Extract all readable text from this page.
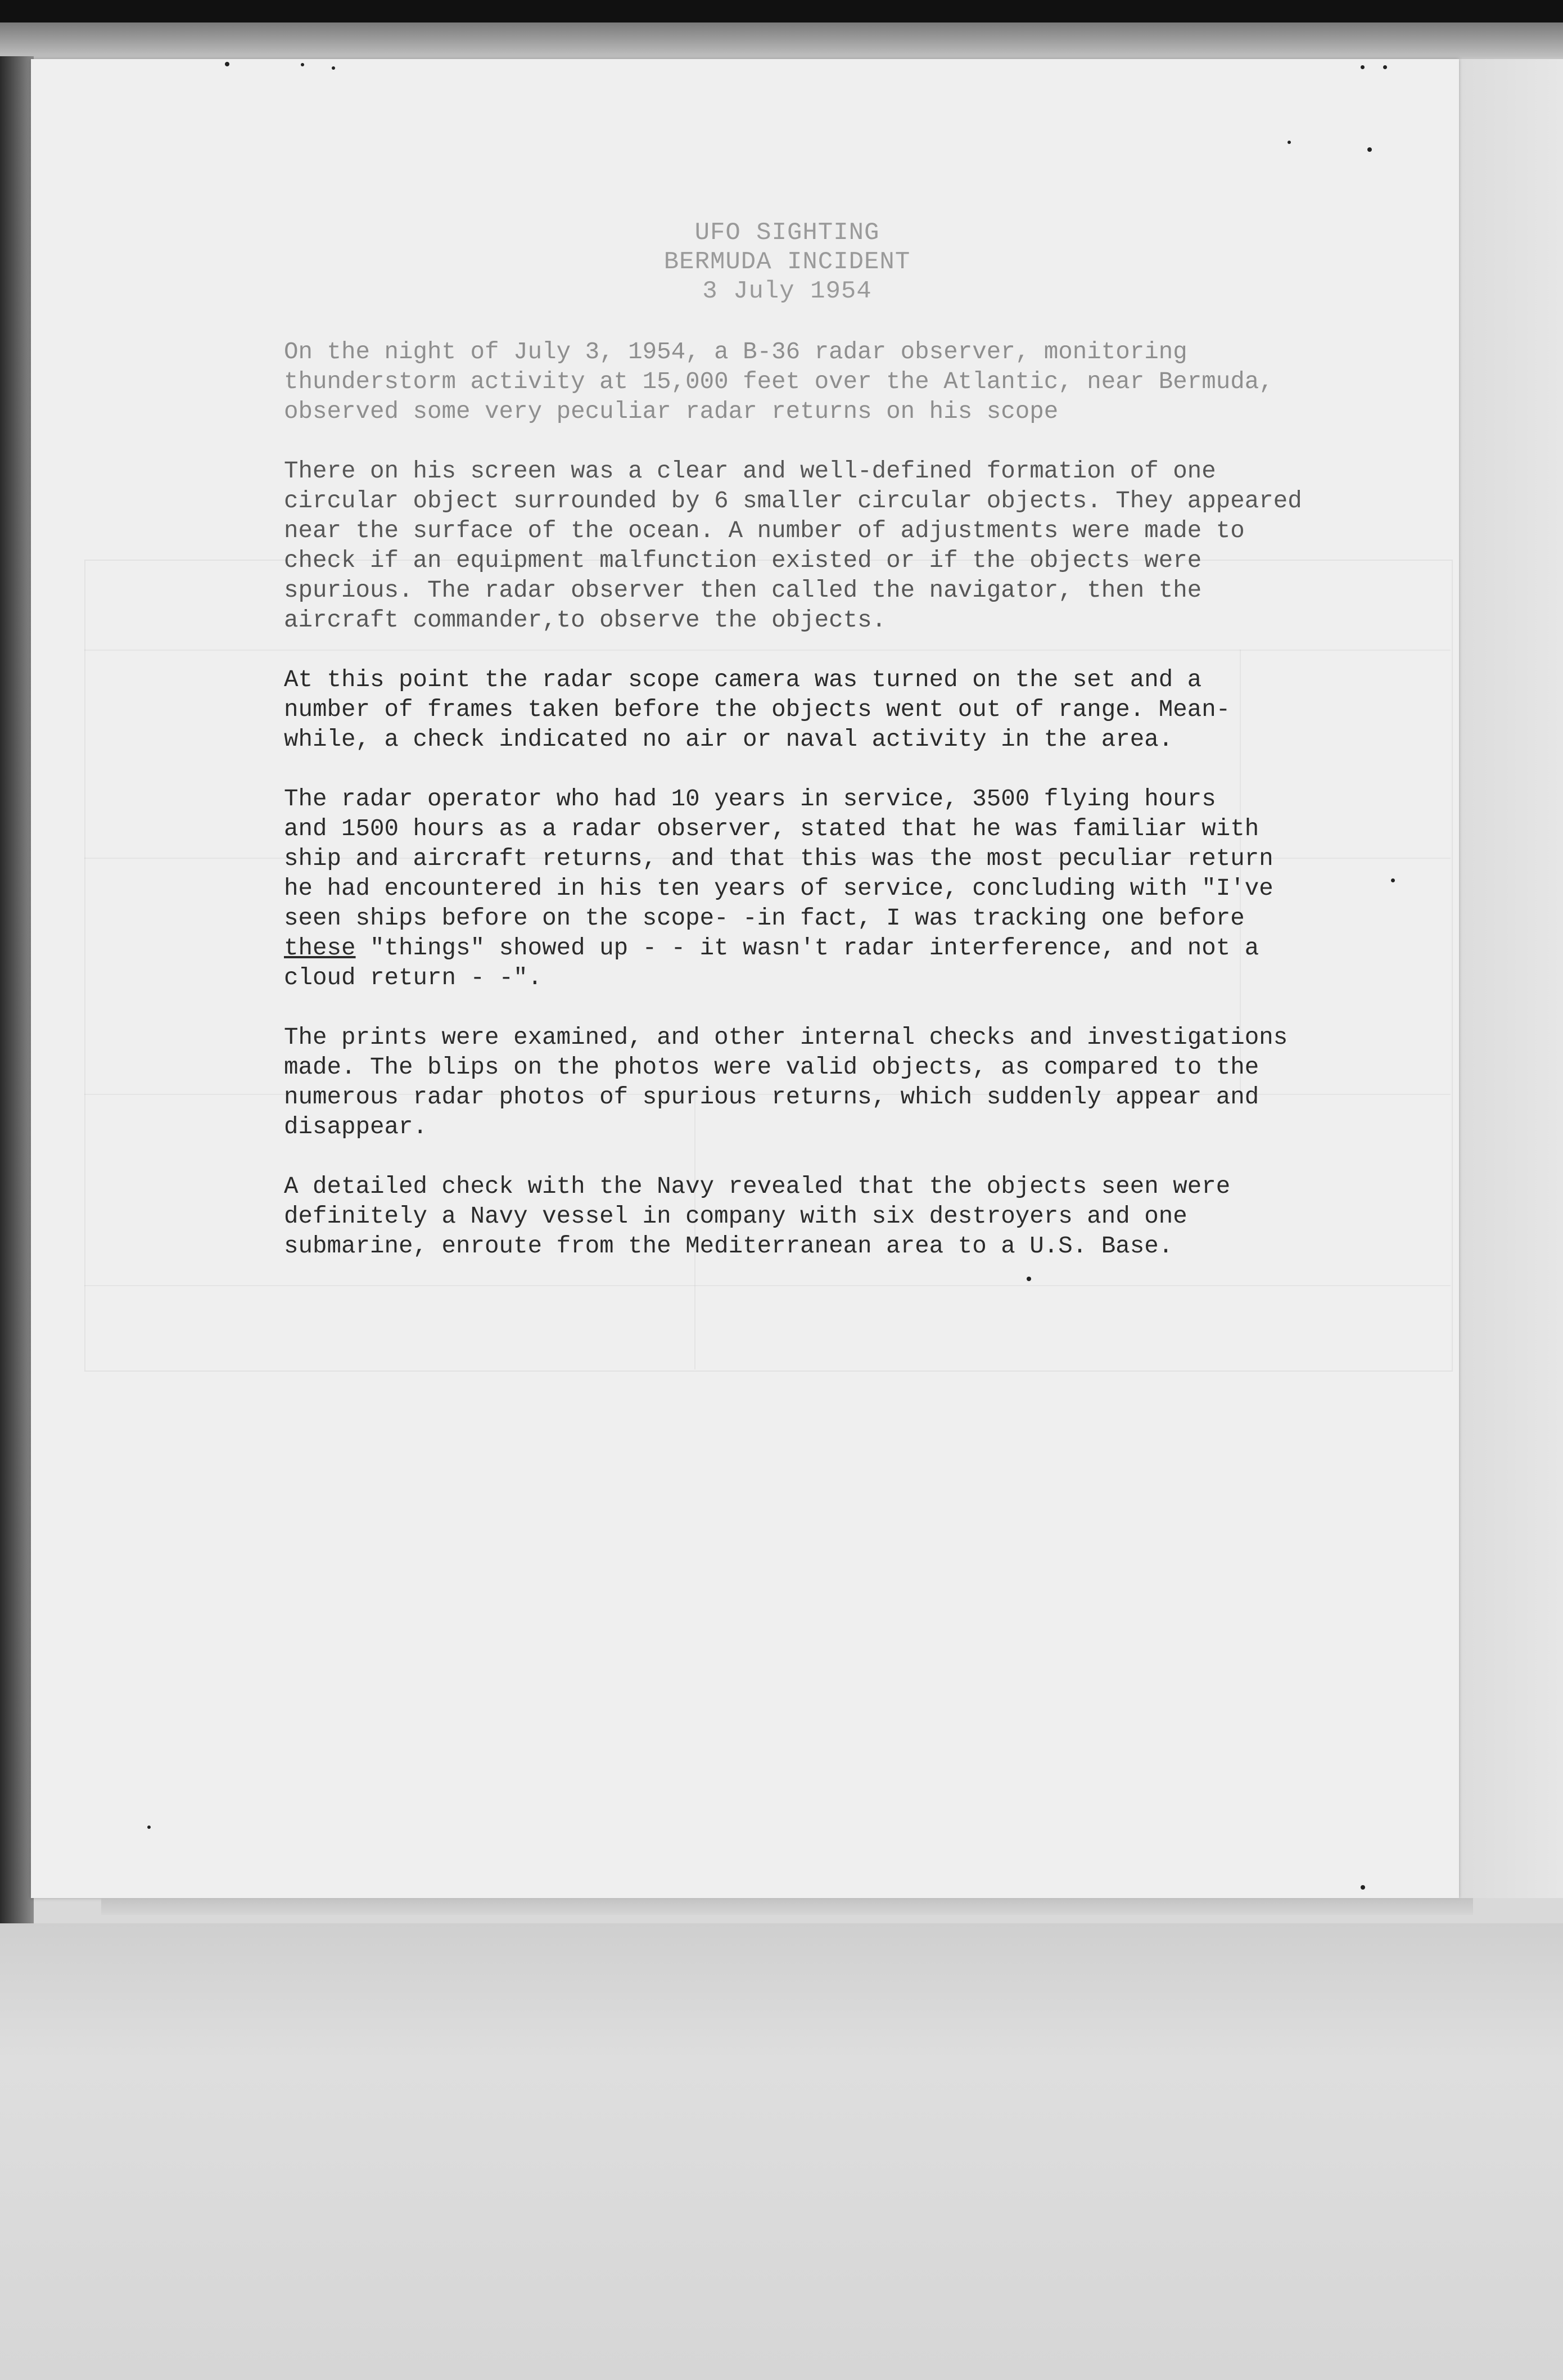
UFO SIGHTING
BERMUDA INCIDENT
3 July 1954
On the night of July 3, 1954, a B-36 radar observer, monitoring
thunderstorm activity at 15,000 feet over the Atlantic, near Bermuda,
observed some very peculiar radar returns on his scope
There on his screen was a clear and well-defined formation of one
circular object surrounded by 6 smaller circular objects. They appeared
near the surface of the ocean. A number of adjustments were made to
check if an equipment malfunction existed or if the objects were
spurious. The radar observer then called the navigator, then the
aircraft commander,to observe the objects.
At this point the radar scope camera was turned on the set and a
number of frames taken before the objects went out of range. Mean-
while, a check indicated no air or naval activity in the area.
The radar operator who had 10 years in service, 3500 flying hours
and 1500 hours as a radar observer, stated that he was familiar with
ship and aircraft returns, and that this was the most peculiar return
he had encountered in his ten years of service, concluding with "I've
seen ships before on the scope- -in fact, I was tracking one before
these "things" showed up - - it wasn't radar interference, and not a
cloud return - -".
The prints were examined, and other internal checks and investigations
made. The blips on the photos were valid objects, as compared to the
numerous radar photos of spurious returns, which suddenly appear and
disappear.
A detailed check with the Navy revealed that the objects seen were
definitely a Navy vessel in company with six destroyers and one
submarine, enroute from the Mediterranean area to a U.S. Base.
